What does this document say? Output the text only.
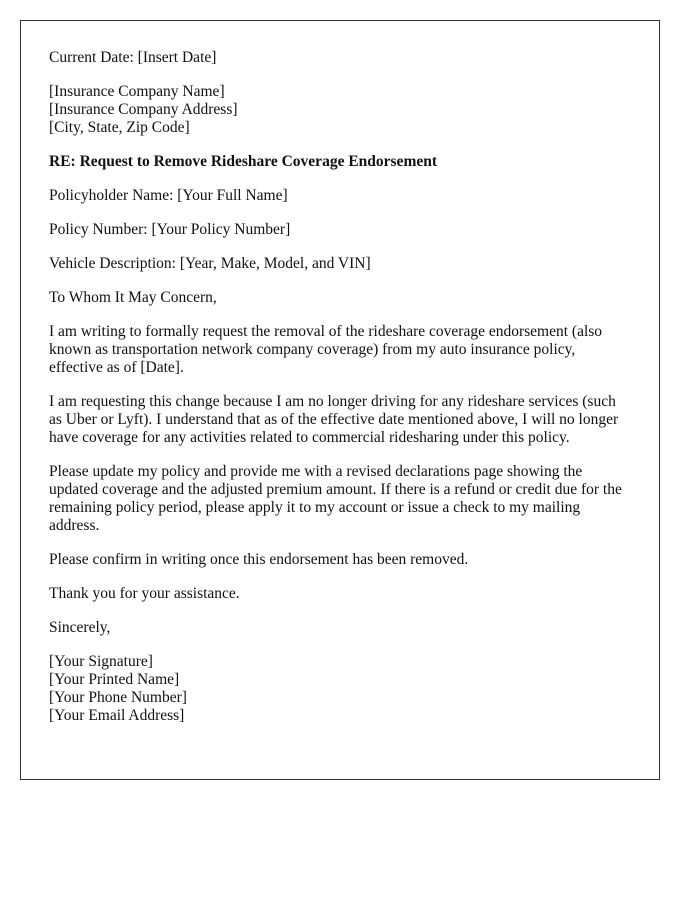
Current Date: [Insert Date]

[Insurance Company Name]

[Insurance Company Address]

[City, State, Zip Code]

RE: Request to Remove Rideshare Coverage Endorsement

Policyholder Name: [Your Full Name]

Policy Number: [Your Policy Number]

Vehicle Description: [Year, Make, Model, and VIN]

To Whom It May Concern,

I am writing to formally request the removal of the rideshare coverage endorsement (also known as transportation network company coverage) from my auto insurance policy, effective as of [Date].

I am requesting this change because I am no longer driving for any rideshare services (such as Uber or Lyft). I understand that as of the effective date mentioned above, I will no longer have coverage for any activities related to commercial ridesharing under this policy.

Please update my policy and provide me with a revised declarations page showing the updated coverage and the adjusted premium amount. If there is a refund or credit due for the remaining policy period, please apply it to my account or issue a check to my mailing address.

Please confirm in writing once this endorsement has been removed.

Thank you for your assistance.

Sincerely,

[Your Signature]

[Your Printed Name]

[Your Phone Number]

[Your Email Address]
